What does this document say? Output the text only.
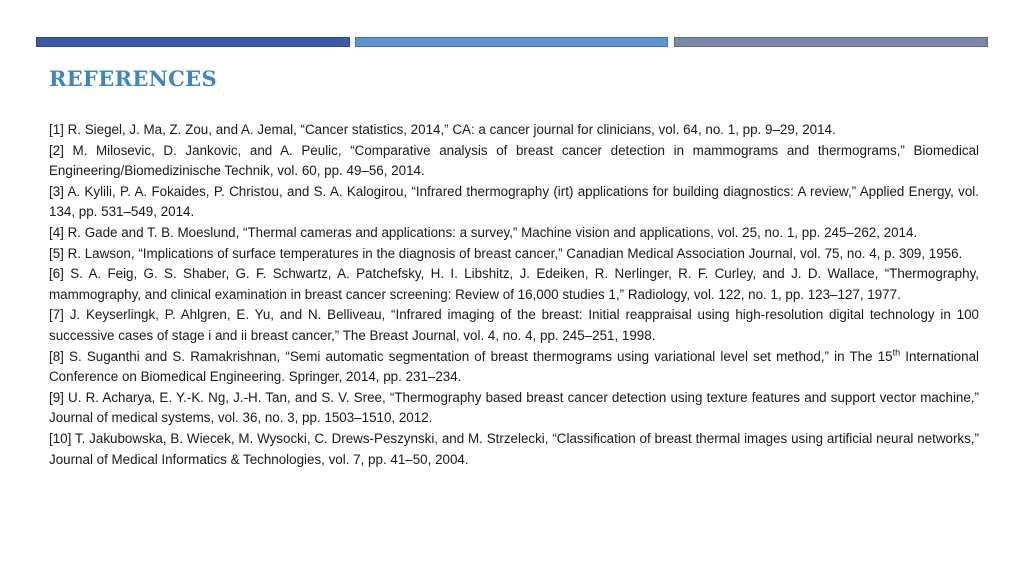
REFERENCES
[1] R. Siegel, J. Ma, Z. Zou, and A. Jemal, “Cancer statistics, 2014,” CA: a cancer journal for clinicians, vol. 64, no. 1, pp. 9–29, 2014.
[2] M. Milosevic, D. Jankovic, and A. Peulic, “Comparative analysis of breast cancer detection in mammograms and thermograms,” Biomedical Engineering/Biomedizinische Technik, vol. 60, pp. 49–56, 2014.
[3] A. Kylili, P. A. Fokaides, P. Christou, and S. A. Kalogirou, “Infrared thermography (irt) applications for building diagnostics: A review,” Applied Energy, vol. 134, pp. 531–549, 2014.
[4] R. Gade and T. B. Moeslund, “Thermal cameras and applications: a survey,” Machine vision and applications, vol. 25, no. 1, pp. 245–262, 2014.
[5] R. Lawson, “Implications of surface temperatures in the diagnosis of breast cancer,” Canadian Medical Association Journal, vol. 75, no. 4, p. 309, 1956.
[6] S. A. Feig, G. S. Shaber, G. F. Schwartz, A. Patchefsky, H. I. Libshitz, J. Edeiken, R. Nerlinger, R. F. Curley, and J. D. Wallace, “Thermography, mammography, and clinical examination in breast cancer screening: Review of 16,000 studies 1,” Radiology, vol. 122, no. 1, pp. 123–127, 1977.
[7] J. Keyserlingk, P. Ahlgren, E. Yu, and N. Belliveau, “Infrared imaging of the breast: Initial reappraisal using high-resolution digital technology in 100 successive cases of stage i and ii breast cancer,” The Breast Journal, vol. 4, no. 4, pp. 245–251, 1998.
[8] S. Suganthi and S. Ramakrishnan, “Semi automatic segmentation of breast thermograms using variational level set method,” in The 15th International Conference on Biomedical Engineering. Springer, 2014, pp. 231–234.
[9] U. R. Acharya, E. Y.-K. Ng, J.-H. Tan, and S. V. Sree, “Thermography based breast cancer detection using texture features and support vector machine,” Journal of medical systems, vol. 36, no. 3, pp. 1503–1510, 2012.
[10] T. Jakubowska, B. Wiecek, M. Wysocki, C. Drews-Peszynski, and M. Strzelecki, “Classification of breast thermal images using artificial neural networks,” Journal of Medical Informatics & Technologies, vol. 7, pp. 41–50, 2004.
